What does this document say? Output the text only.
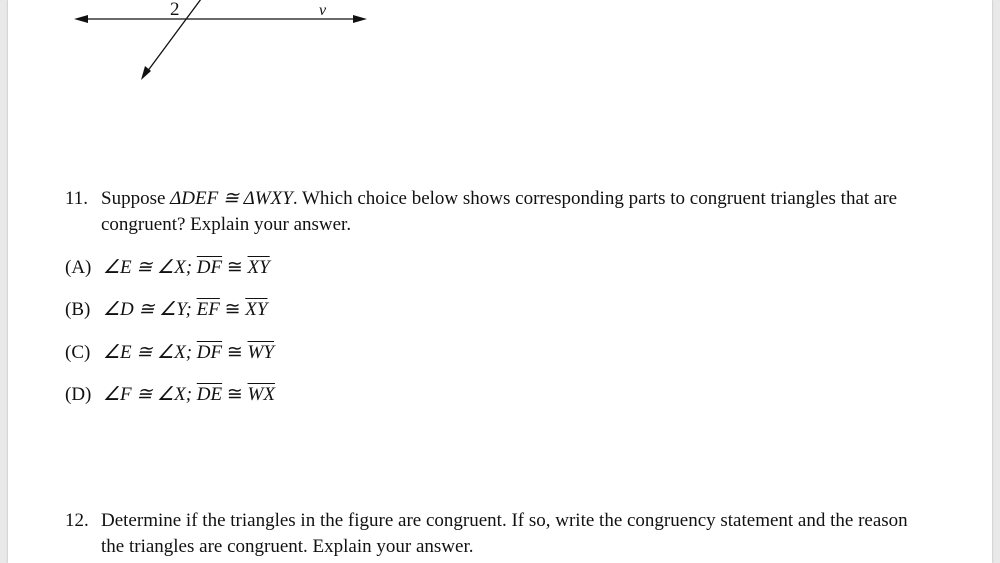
2	v
11. Suppose ΔDEF ≅ ΔWXY. Which choice below shows corresponding parts to congruent triangles that are
congruent? Explain your answer.
(A) ∠E ≅ ∠X; $\overline{DF}$ ≅ $\overline{XY}$
(B) ∠D ≅ ∠Y; $\overline{EF}$ ≅ $\overline{XY}$
(C) ∠E ≅ ∠X; $\overline{DF}$ ≅ $\overline{WY}$
(D) ∠F ≅ ∠X; $\overline{DE}$ ≅ $\overline{WX}$
12. Determine if the triangles in the figure are congruent. If so, write the congruency statement and the reason
the triangles are congruent. Explain your answer.
